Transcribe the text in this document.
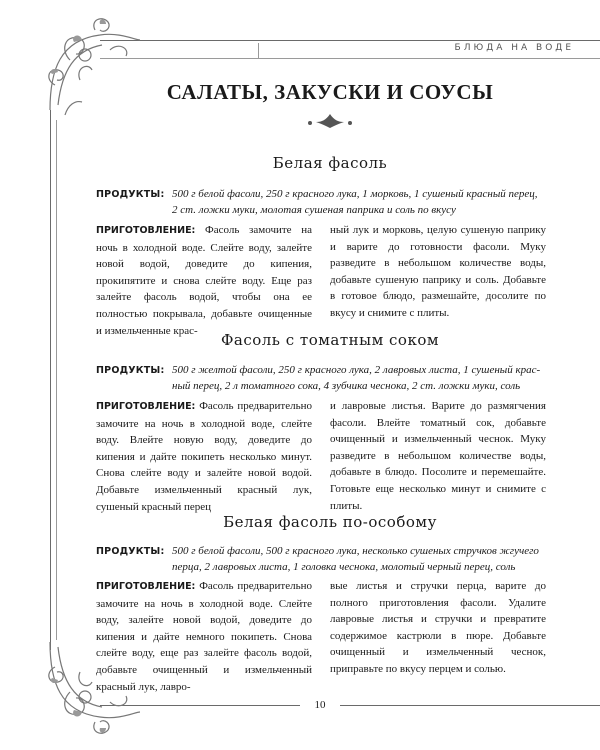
БЛЮДА НА ВОДЕ
САЛАТЫ, ЗАКУСКИ И СОУСЫ
Белая фасоль
ПРОДУКТЫ: 500 г белой фасоли, 250 г красного лука, 1 морковь, 1 сушеный красный перец,
2 ст. ложки муки, молотая сушеная паприка и соль по вкусу
ПРИГОТОВЛЕНИЕ: Фасоль замочите на ночь в холодной воде. Слейте воду, залейте новой водой, доведите до кипения, прокипятите и снова слейте воду. Еще раз залейте фасоль водой, чтобы она ее полностью покрывала, добавьте очищенные и измельченные крас-
ный лук и морковь, целую сушеную паприку и варите до готовности фасоли. Муку разведите в небольшом количестве воды, добавьте сушеную паприку и соль. Добавьте в готовое блюдо, размешайте, досолите по вкусу и снимите с плиты.
Фасоль с томатным соком
ПРОДУКТЫ: 500 г желтой фасоли, 250 г красного лука, 2 лавровых листа, 1 сушеный крас-
ный перец, 2 л томатного сока, 4 зубчика чеснока, 2 ст. ложки муки, соль
ПРИГОТОВЛЕНИЕ: Фасоль предварительно замочите на ночь в холодной воде, слейте воду. Влейте новую воду, доведите до кипения и дайте покипеть несколько минут. Снова слейте воду и залейте новой водой. Добавьте измельченный красный лук, сушеный красный перец
и лавровые листья. Варите до размягчения фасоли. Влейте томатный сок, добавьте очищенный и измельченный чеснок. Муку разведите в небольшом количестве воды, добавьте в блюдо. Посолите и перемешайте. Готовьте еще несколько минут и снимите с плиты.
Белая фасоль по-особому
ПРОДУКТЫ: 500 г белой фасоли, 500 г красного лука, несколько сушеных стручков жгучего
перца, 2 лавровых листа, 1 головка чеснока, молотый черный перец, соль
ПРИГОТОВЛЕНИЕ: Фасоль предварительно замочите на ночь в холодной воде. Слейте воду, залейте новой водой, доведите до кипения и дайте немного покипеть. Снова слейте воду, еще раз залейте фасоль водой, добавьте очищенный и измельченный красный лук, лавро-
вые листья и стручки перца, варите до полного приготовления фасоли. Удалите лавровые листья и стручки и превратите содержимое кастрюли в пюре. Добавьте очищенный и измельченный чеснок, приправьте по вкусу перцем и солью.
10
